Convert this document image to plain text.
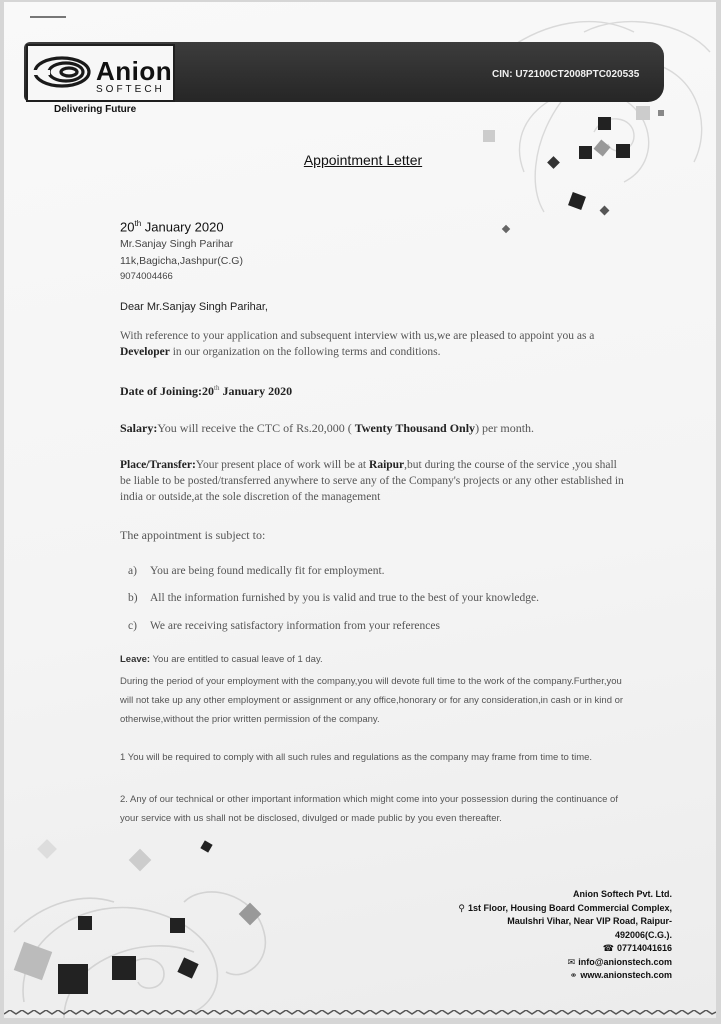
Anion
SOFTECH
CIN: U72100CT2008PTC020535
Delivering Future
Appointment Letter
20th January 2020
Mr.Sanjay Singh Parihar
11k,Bagicha,Jashpur(C.G)
9074004466
Dear Mr.Sanjay Singh Parihar,
With reference to your application and subsequent interview with us,we are pleased to appoint you as a Developer in our organization on the following terms and conditions.
Date of Joining:20th January 2020
Salary:You will receive the CTC of Rs.20,000 ( Twenty Thousand Only) per month.
Place/Transfer:Your present place of work will be at Raipur,but during the course of the service ,you shall be liable to be posted/transferred anywhere to serve any of the Company's projects or any other established in india or outside,at the sole discretion of the management
The appointment is subject to:
a) You are being found medically fit for employment.
b) All the information furnished by you is valid and true to the best of your knowledge.
c) We are receiving satisfactory information from your references
Leave: You are entitled to casual leave of 1 day.
During the period of your employment with the company,you will devote full time to the work of the company.Further,you will not take up any other employment or assignment or any office,honorary or for any consideration,in cash or in kind or otherwise,without the prior written permission of the company.
1 You will be required to comply with all such rules and regulations as the company may frame from time to time.
2. Any of our technical or other important information which might come into your possession during the continuance of your service with us shall not be disclosed, divulged or made public by you even thereafter.
Anion Softech Pvt. Ltd.
⚲ 1st Floor, Housing Board Commercial Complex,
Maulshri Vihar, Near VIP Road, Raipur-
492006(C.G.).
☎ 07714041616
✉ info@anionstech.com
⚭ www.anionstech.com
